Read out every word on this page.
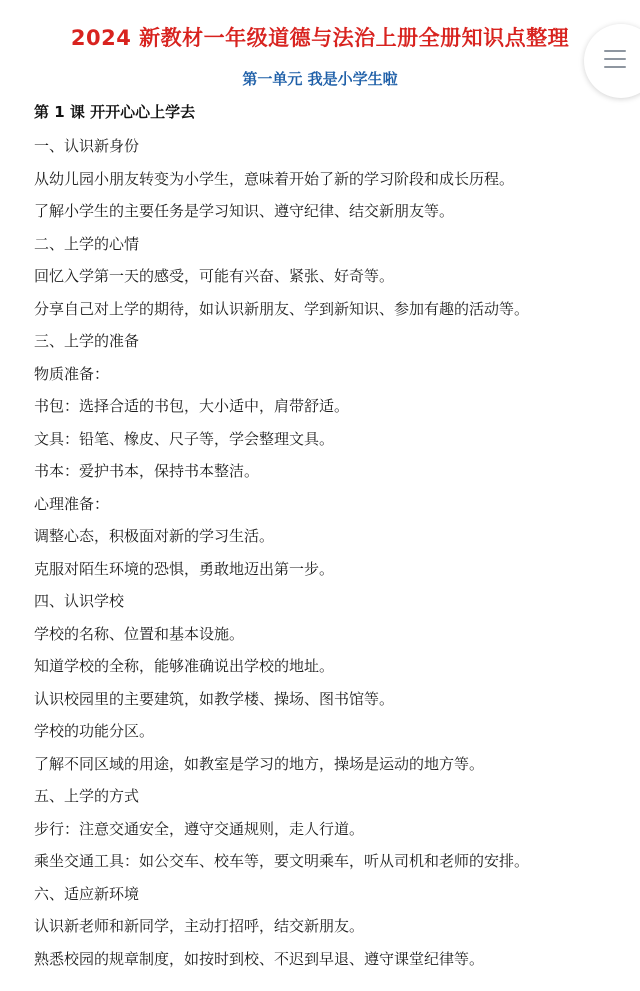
2024 新教材一年级道德与法治上册全册知识点整理
第一单元 我是小学生啦
第 1 课 开开心心上学去
一、认识新身份
从幼儿园小朋友转变为小学生，意味着开始了新的学习阶段和成长历程。
了解小学生的主要任务是学习知识、遵守纪律、结交新朋友等。
二、上学的心情
回忆入学第一天的感受，可能有兴奋、紧张、好奇等。
分享自己对上学的期待，如认识新朋友、学到新知识、参加有趣的活动等。
三、上学的准备
物质准备：
书包：选择合适的书包，大小适中，肩带舒适。
文具：铅笔、橡皮、尺子等，学会整理文具。
书本：爱护书本，保持书本整洁。
心理准备：
调整心态，积极面对新的学习生活。
克服对陌生环境的恐惧，勇敢地迈出第一步。
四、认识学校
学校的名称、位置和基本设施。
知道学校的全称，能够准确说出学校的地址。
认识校园里的主要建筑，如教学楼、操场、图书馆等。
学校的功能分区。
了解不同区域的用途，如教室是学习的地方，操场是运动的地方等。
五、上学的方式
步行：注意交通安全，遵守交通规则，走人行道。
乘坐交通工具：如公交车、校车等，要文明乘车，听从司机和老师的安排。
六、适应新环境
认识新老师和新同学，主动打招呼，结交新朋友。
熟悉校园的规章制度，如按时到校、不迟到早退、遵守课堂纪律等。
